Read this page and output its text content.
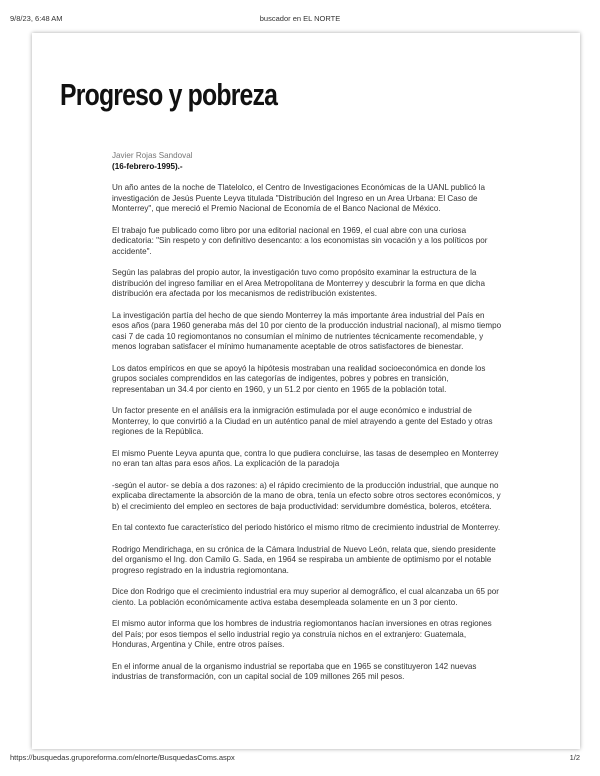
9/8/23, 6:48 AM	buscador en EL NORTE
Progreso y pobreza

Javier Rojas Sandoval

(16-febrero-1995).-

Un año antes de la noche de Tlatelolco, el Centro de Investigaciones Económicas de la UANL publicó la investigación de Jesús Puente Leyva titulada "Distribución del Ingreso en un Area Urbana: El Caso de Monterrey", que mereció el Premio Nacional de Economía de el Banco Nacional de México.

El trabajo fue publicado como libro por una editorial nacional en 1969, el cual abre con una curiosa dedicatoria: "Sin respeto y con definitivo desencanto: a los economistas sin vocación y a los políticos por accidente".

Según las palabras del propio autor, la investigación tuvo como propósito examinar la estructura de la distribución del ingreso familiar en el Area Metropolitana de Monterrey y descubrir la forma en que dicha distribución era afectada por los mecanismos de redistribución existentes.

La investigación partía del hecho de que siendo Monterrey la más importante área industrial del País en esos años (para 1960 generaba más del 10 por ciento de la producción industrial nacional), al mismo tiempo casi 7 de cada 10 regiomontanos no consumían el mínimo de nutrientes técnicamente recomendable, y menos lograban satisfacer el mínimo humanamente aceptable de otros satisfactores de bienestar.

Los datos empíricos en que se apoyó la hipótesis mostraban una realidad socioeconómica en donde los grupos sociales comprendidos en las categorías de indigentes, pobres y pobres en transición, representaban un 34.4 por ciento en 1960, y un 51.2 por ciento en 1965 de la población total.

Un factor presente en el análisis era la inmigración estimulada por el auge económico e industrial de Monterrey, lo que convirtió a la Ciudad en un auténtico panal de miel atrayendo a gente del Estado y otras regiones de la República.

El mismo Puente Leyva apunta que, contra lo que pudiera concluirse, las tasas de desempleo en Monterrey no eran tan altas para esos años. La explicación de la paradoja

-según el autor- se debía a dos razones: a) el rápido crecimiento de la producción industrial, que aunque no explicaba directamente la absorción de la mano de obra, tenía un efecto sobre otros sectores económicos, y b) el crecimiento del empleo en sectores de baja productividad: servidumbre doméstica, boleros, etcétera.

En tal contexto fue característico del periodo histórico el mismo ritmo de crecimiento industrial de Monterrey.

Rodrigo Mendirichaga, en su crónica de la Cámara Industrial de Nuevo León, relata que, siendo presidente del organismo el Ing. don Camilo G. Sada, en 1964 se respiraba un ambiente de optimismo por el notable progreso registrado en la industria regiomontana.

Dice don Rodrigo que el crecimiento industrial era muy superior al demográfico, el cual alcanzaba un 65 por ciento. La población económicamente activa estaba desempleada solamente en un 3 por ciento.

El mismo autor informa que los hombres de industria regiomontanos hacían inversiones en otras regiones del País; por esos tiempos el sello industrial regio ya construía nichos en el extranjero: Guatemala, Honduras, Argentina y Chile, entre otros países.

En el informe anual de la organismo industrial se reportaba que en 1965 se constituyeron 142 nuevas industrias de transformación, con un capital social de 109 millones 265 mil pesos.

https://busquedas.gruporeforma.com/elnorte/BusquedasComs.aspx	1/2
